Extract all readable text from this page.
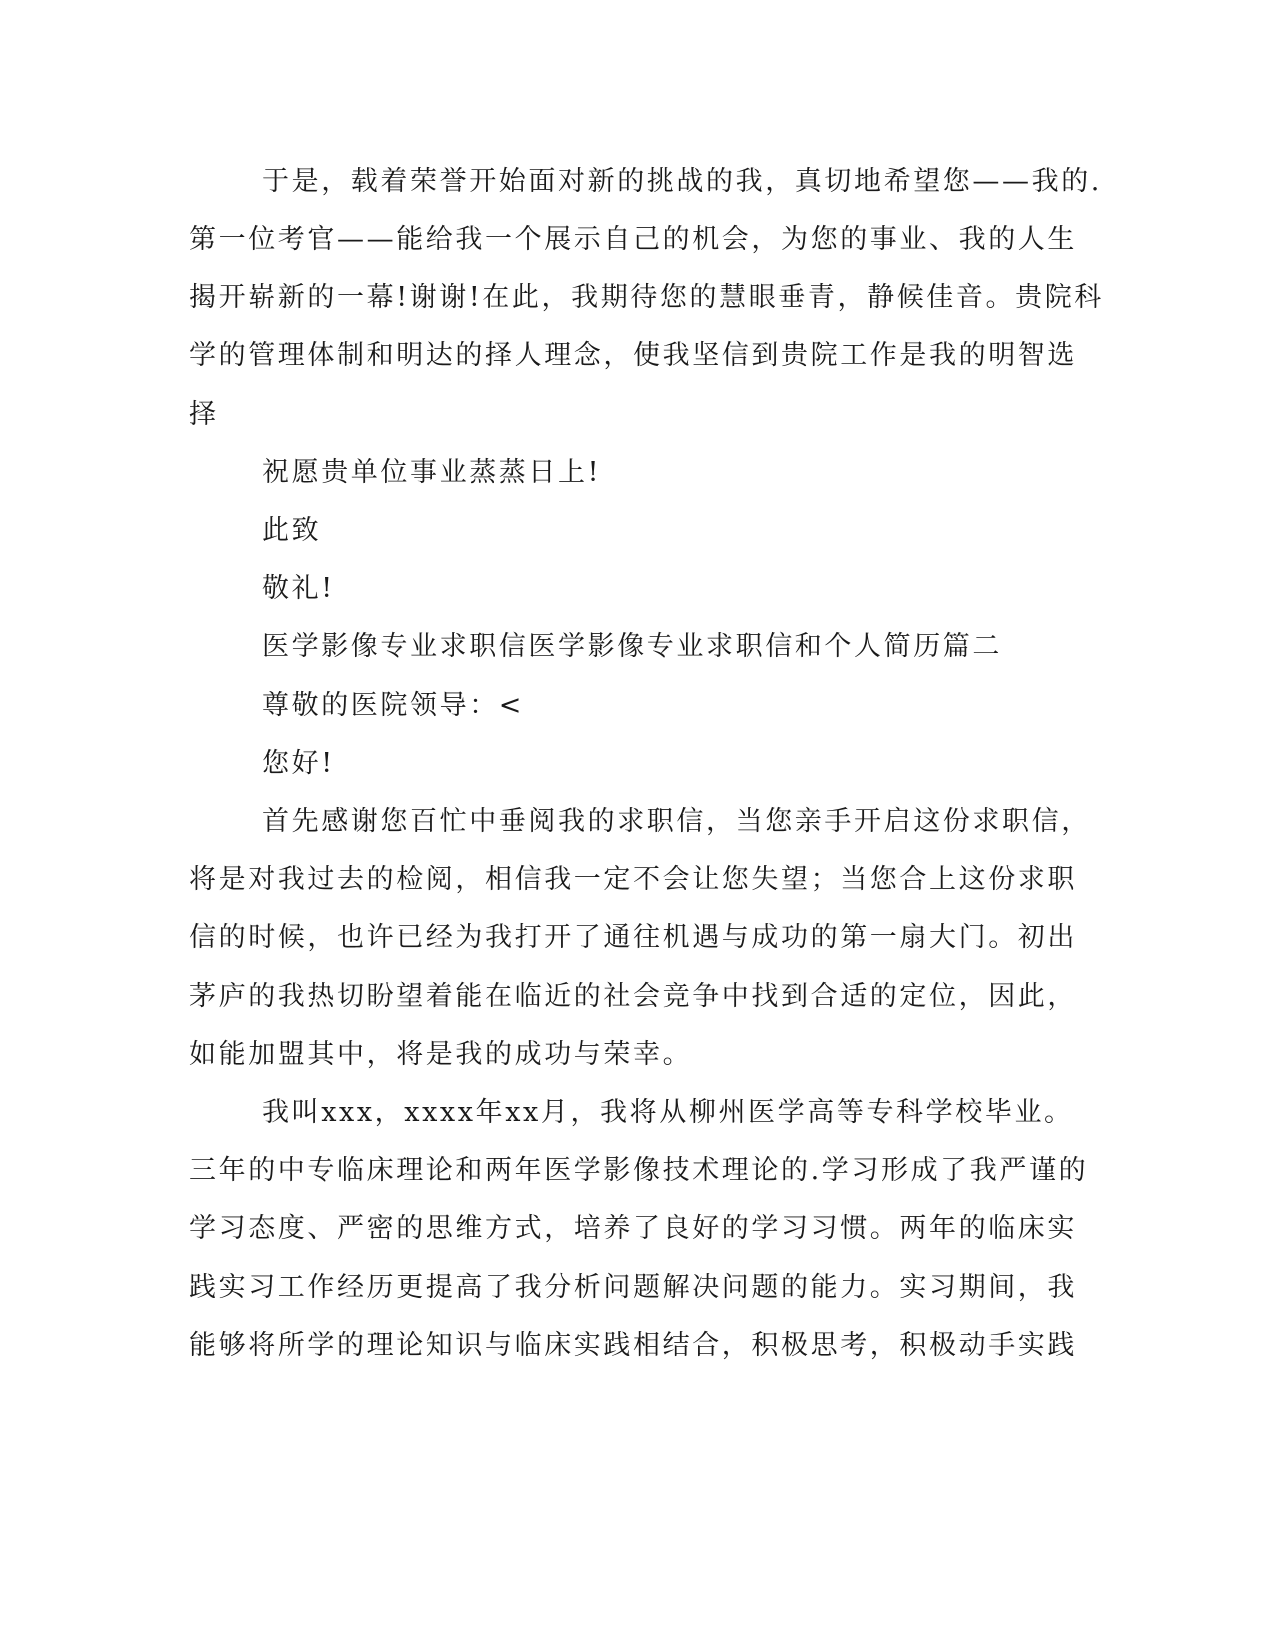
于是，载着荣誉开始面对新的挑战的我，真切地希望您——我的.
第一位考官——能给我一个展示自己的机会，为您的事业、我的人生
揭开崭新的一幕!谢谢!在此，我期待您的慧眼垂青，静候佳音。贵院科
学的管理体制和明达的择人理念，使我坚信到贵院工作是我的明智选
择
祝愿贵单位事业蒸蒸日上!
此致
敬礼!
医学影像专业求职信医学影像专业求职信和个人简历篇二
尊敬的医院领导：<
您好!
首先感谢您百忙中垂阅我的求职信，当您亲手开启这份求职信，
将是对我过去的检阅，相信我一定不会让您失望；当您合上这份求职
信的时候，也许已经为我打开了通往机遇与成功的第一扇大门。初出
茅庐的我热切盼望着能在临近的社会竞争中找到合适的定位，因此，
如能加盟其中，将是我的成功与荣幸。
我叫xxx，xxxx年xx月，我将从柳州医学高等专科学校毕业。
三年的中专临床理论和两年医学影像技术理论的.学习形成了我严谨的
学习态度、严密的思维方式，培养了良好的学习习惯。两年的临床实
践实习工作经历更提高了我分析问题解决问题的能力。实习期间，我
能够将所学的理论知识与临床实践相结合，积极思考，积极动手实践
